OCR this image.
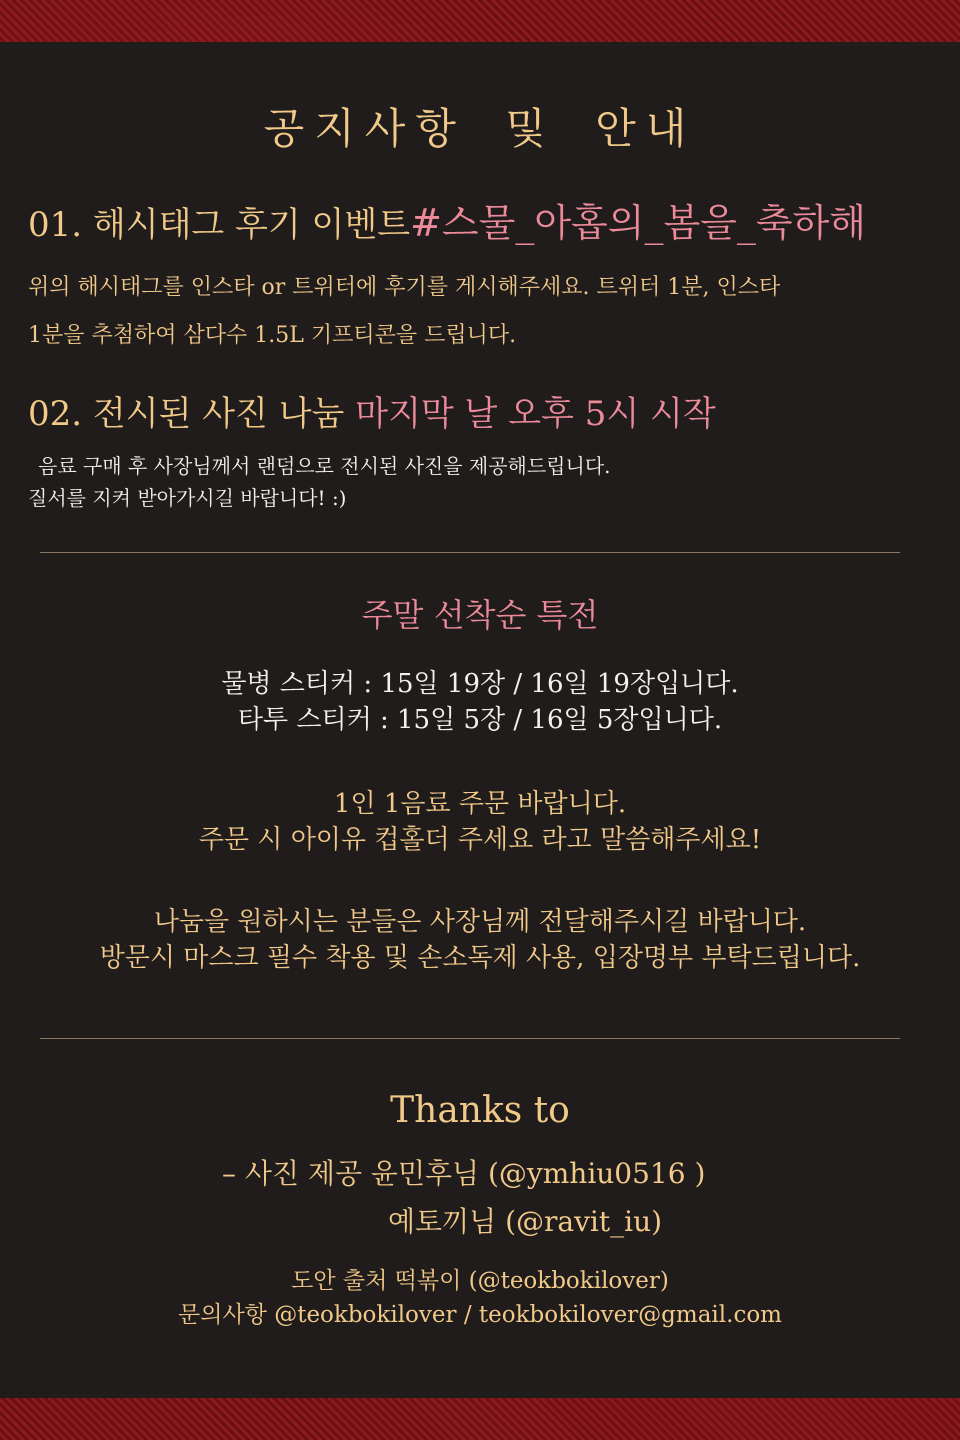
공지사항 및 안내
01. 해시태그 후기 이벤트#스물_아홉의_봄을_축하해
위의 해시태그를 인스타 or 트위터에 후기를 게시해주세요. 트위터 1분, 인스타
1분을 추첨하여 삼다수 1.5L 기프티콘을 드립니다.
02. 전시된 사진 나눔 마지막 날 오후 5시 시작
음료 구매 후 사장님께서 랜덤으로 전시된 사진을 제공해드립니다.
질서를 지켜 받아가시길 바랍니다! :)
주말 선착순 특전
물병 스티커 : 15일 19장 / 16일 19장입니다.
타투 스티커 : 15일 5장 / 16일 5장입니다.
1인 1음료 주문 바랍니다.
주문 시 아이유 컵홀더 주세요 라고 말씀해주세요!
나눔을 원하시는 분들은 사장님께 전달해주시길 바랍니다.
방문시 마스크 필수 착용 및 손소독제 사용, 입장명부 부탁드립니다.
Thanks to
– 사진 제공 윤민후님 (@ymhiu0516 )
예토끼님 (@ravit_iu)
도안 출처 떡볶이 (@teokbokilover)
문의사항 @teokbokilover / teokbokilover@gmail.com
